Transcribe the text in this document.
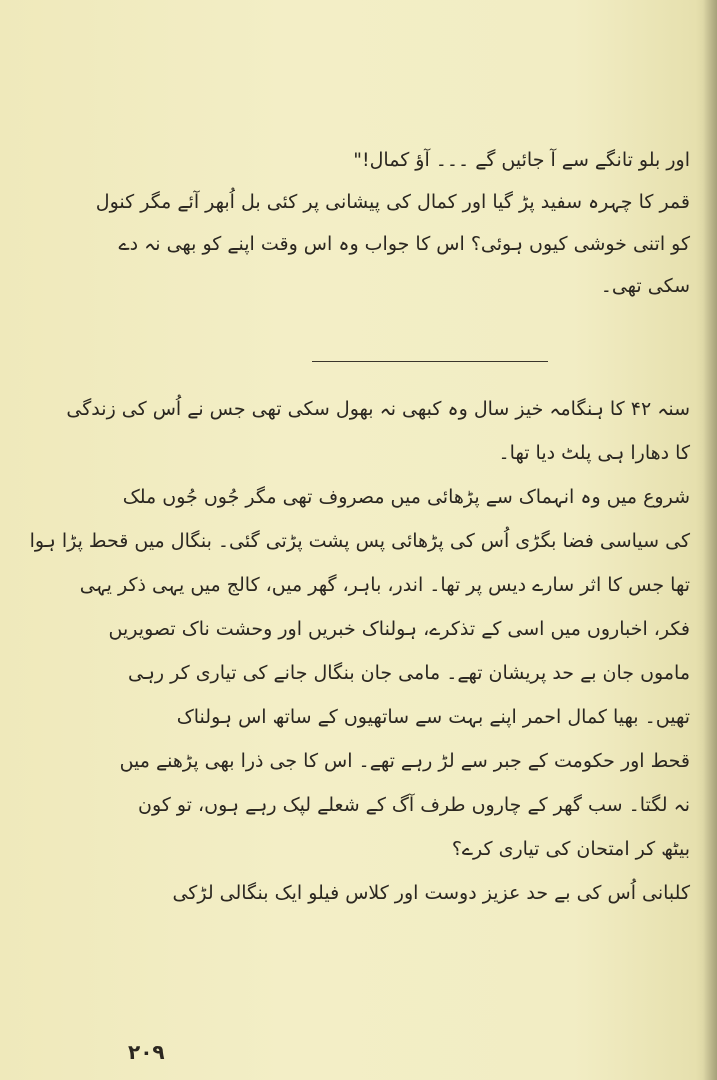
اور بلو تانگے سے آ جائیں گے ۔۔۔ آؤ کمال!"
قمر کا چہرہ سفید پڑ گیا اور کمال کی پیشانی پر کئی بل اُبھر آئے مگر کنول
کو اتنی خوشی کیوں ہوئی؟ اس کا جواب وہ اس وقت اپنے کو بھی نہ دے
سکی تھی۔
سنہ ۴۲ کا ہنگامہ خیز سال وہ کبھی نہ بھول سکی تھی جس نے اُس کی زندگی
کا دھارا ہی پلٹ دیا تھا۔
شروع میں وہ انہماک سے پڑھائی میں مصروف تھی مگر جُوں جُوں ملک
کی سیاسی فضا بگڑی اُس کی پڑھائی پس پشت پڑتی گئی۔ بنگال میں قحط پڑا ہوا
تھا جس کا اثر سارے دیس پر تھا۔ اندر، باہر، گھر میں، کالج میں یہی ذکر یہی
فکر، اخباروں میں اسی کے تذکرے، ہولناک خبریں اور وحشت ناک تصویریں
ماموں جان بے حد پریشان تھے۔ مامی جان بنگال جانے کی تیاری کر رہی
تھیں۔ بھیا کمال احمر اپنے بہت سے ساتھیوں کے ساتھ اس ہولناک
قحط اور حکومت کے جبر سے لڑ رہے تھے۔ اس کا جی ذرا بھی پڑھنے میں
نہ لگتا۔ سب گھر کے چاروں طرف آگ کے شعلے لپک رہے ہوں، تو کون
بیٹھ کر امتحان کی تیاری کرے؟
کلبانی اُس کی بے حد عزیز دوست اور کلاس فیلو ایک بنگالی لڑکی
۲۰۹
